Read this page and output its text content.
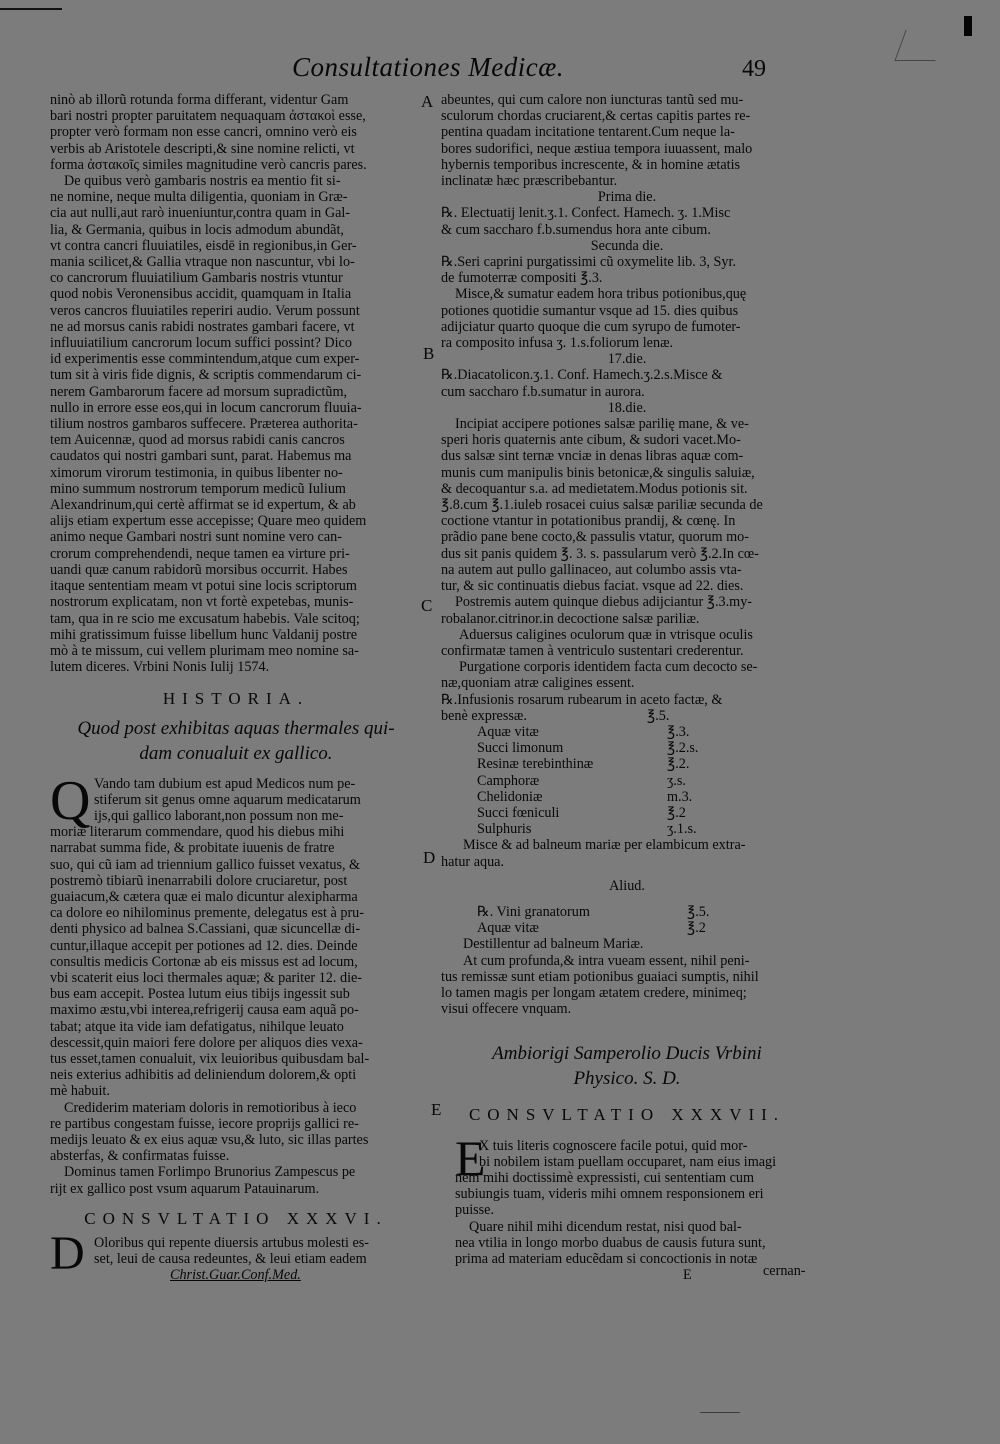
Consultationes Medicæ.	49
A
B
C
D
E
ninò ab illorũ rotunda forma differant, videntur Gam
bari nostri propter paruitatem nequaquam ἀστακοὶ esse,
propter verò formam non esse cancri, omnino verò eis
verbis ab Aristotele descripti,& sine nomine relicti, vt
forma ἀστακοῖς similes magnitudine verò cancris pares.
De quibus verò gambaris nostris ea mentio fit si-
ne nomine, neque multa diligentia, quoniam in Græ-
cia aut nulli,aut rarò inueniuntur,contra quam in Gal-
lia, & Germania, quibus in locis admodum abundãt,
vt contra cancri fluuiatiles, eisdē in regionibus,in Ger-
mania scilicet,& Gallia vtraque non nascuntur, vbi lo-
co cancrorum fluuiatilium Gambaris nostris vtuntur
quod nobis Veronensibus accidit, quamquam in Italia
veros cancros fluuiatiles reperiri audio. Verum possunt
ne ad morsus canis rabidi nostrates gambari facere, vt
influuiatilium cancrorum locum suffici possint? Dico
id experimentis esse commintendum,atque cum exper-
tum sit à viris fide dignis, & scriptis commendarum ci-
nerem Gambarorum facere ad morsum supradictũm,
nullo in errore esse eos,qui in locum cancrorum fluuia-
tilium nostros gambaros suffecere. Præterea authorita-
tem Auicennæ, quod ad morsus rabidi canis cancros
caudatos qui nostri gambari sunt, parat. Habemus ma
ximorum virorum testimonia, in quibus libenter no-
mino summum nostrorum temporum medicũ Iulium
Alexandrinum,qui certè affirmat se id expertum, & ab
alijs etiam expertum esse accepisse; Quare meo quidem
animo neque Gambari nostri sunt nomine vero can-
crorum comprehendendi, neque tamen ea virture pri-
uandi quæ canum rabidorũ morsibus occurrit. Habes
itaque sententiam meam vt potui sine locis scriptorum
nostrorum explicatam, non vt fortè expetebas, munis-
tam, qua in re scio me excusatum habebis. Vale scitoq;
mihi gratissimum fuisse libellum hunc Valdanij postre
mò à te missum, cui vellem plurimam meo nomine sa-
lutem diceres. Vrbini Nonis Iulij 1574.
HISTORIA.
Quod post exhibitas aquas thermales qui-
dam conualuit ex gallico.
Q Vando tam dubium est apud Medicos num pe-
stiferum sit genus omne aquarum medicatarum
ijs,qui gallico laborant,non possum non me-
moriæ literarum commendare, quod his diebus mihi
narrabat summa fide, & probitate iuuenis de fratre
suo, qui cũ iam ad triennium gallico fuisset vexatus, &
postremò tibiarũ inenarrabili dolore cruciaretur, post
guaiacum,& cætera quæ ei malo dicuntur alexipharma
ca dolore eo nihilominus premente, delegatus est à pru-
denti physico ad balnea S.Cassiani, quæ sicuncellæ di-
cuntur,illaque accepit per potiones ad 12. dies. Deinde
consultis medicis Cortonæ ab eis missus est ad locum,
vbi scaterit eius loci thermales aquæ; & pariter 12. die-
bus eam accepit. Postea lutum eius tibijs ingessit sub
maximo æstu,vbi interea,refrigerij causa eam aquã po-
tabat; atque ita vide iam defatigatus, nihilque leuato
descessit,quin maiori fere dolore per aliquos dies vexa-
tus esset,tamen conualuit, vix leuioribus quibusdam bal-
neis exterius adhibitis ad deliniendum dolorem,& opti
mè habuit.
Crediderim materiam doloris in remotioribus à ieco
re partibus congestam fuisse, iecore proprijs gallici re-
medijs leuato & ex eius aquæ vsu,& luto, sic illas partes
absterfas, & confirmatas fuisse.
Dominus tamen Forlimpo Brunorius Zampescus pe
rijt ex gallico post vsum aquarum Patauinarum.
CONSVLTATIO XXXVI.
D Oloribus qui repente diuersis artubus molesti es-
set, leui de causa redeuntes, & leui etiam eadem
Christ.Guar.Conf.Med.
abeuntes, qui cum calore non iuncturas tantũ sed mu-
sculorum chordas cruciarent,& certas capitis partes re-
pentina quadam incitatione tentarent.Cum neque la-
bores sudorifici, neque æstiua tempora iuuassent, malo
hybernis temporibus increscente, & in homine ætatis
inclinatæ hæc præscribebantur.
Prima die.
℞. Electuatij lenit.ʒ.1. Confect. Hamech. ʒ. 1.Misc
& cum saccharo f.b.sumendus hora ante cibum.
Secunda die.
℞.Seri caprini purgatissimi cũ oxymelite lib. 3, Syr.
de fumoterræ compositi ℥.3.
Misce,& sumatur eadem hora tribus potionibus,quę
potiones quotidie sumantur vsque ad 15. dies quibus
adijciatur quarto quoque die cum syrupo de fumoter-
ra composito infusa ʒ. 1.s.foliorum lenæ.
17.die.
℞.Diacatolicon.ʒ.1. Conf. Hamech.ʒ.2.s.Misce &
cum saccharo f.b.sumatur in aurora.
18.die.
Incipiat accipere potiones salsæ parilię mane, & ve-
speri horis quaternis ante cibum, & sudori vacet.Mo-
dus salsæ sint ternæ vnciæ in denas libras aquæ com-
munis cum manipulis binis betonicæ,& singulis saluiæ,
& decoquantur s.a. ad medietatem.Modus potionis sit.
℥.8.cum ℥.1.iuleb rosacei cuius salsæ pariliæ secunda de
coctione vtantur in potationibus prandij, & cœnę. In
prãdio pane bene cocto,& passulis vtatur, quorum mo-
dus sit panis quidem ℥. 3. s. passularum verò ℥.2.In cœ-
na autem aut pullo gallinaceo, aut columbo assis vta-
tur, & sic continuatis diebus faciat. vsque ad 22. dies.
Postremis autem quinque diebus adijciantur ℥.3.my-
robalanor.citrinor.in decoctione salsæ pariliæ.
Aduersus caligines oculorum quæ in vtrisque oculis
confirmatæ tamen à ventriculo sustentari crederentur.
Purgatione corporis identidem facta cum decocto se-
næ,quoniam atræ caligines essent.
℞.Infusionis rosarum rubearum in aceto factæ, &
benè expressæ.	℥.5.
Aquæ vitæ	℥.3.
Succi limonum	℥.2.s.
Resinæ terebinthinæ	℥.2.
Camphoræ	ʒ.s.
Chelidoniæ	m.3.
Succi fœniculi	℥.2
Sulphuris	ʒ.1.s.
Misce & ad balneum mariæ per elambicum extra-
hatur aqua.
Aliud.
℞. Vini granatorum	℥.5.
Aquæ vitæ	℥.2
Destillentur ad balneum Mariæ.
At cum profunda,& intra vueam essent, nihil peni-
tus remissæ sunt etiam potionibus guaiaci sumptis, nihil
lo tamen magis per longam ætatem credere, minimeq;
visui offecere vnquam.
Ambiorigi Samperolio Ducis Vrbini
Physico. S. D.
CONSVLTATIO XXXVII.
E
X tuis literis cognoscere facile potui, quid mor-
bi nobilem istam puellam occuparet, nam eius imagi
nem mihi doctissimè expressisti, cui sententiam cum
subiungis tuam, videris mihi omnem responsionem eri
puisse.
Quare nihil mihi dicendum restat, nisi quod bal-
nea vtilia in longo morbo duabus de causis futura sunt,
prima ad materiam educẽdam si concoctionis in notæ
E	cernan-
